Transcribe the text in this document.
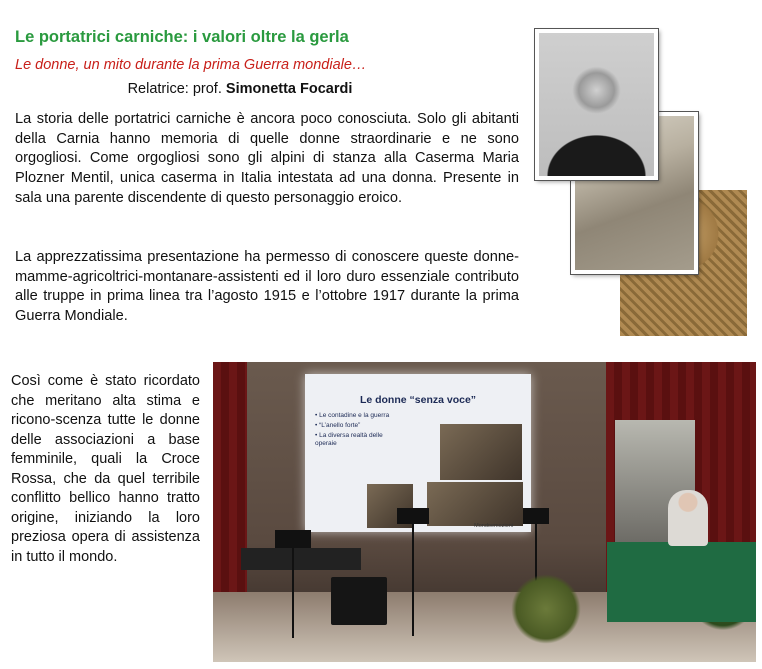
Le portatrici carniche: i valori oltre la gerla
Le donne, un mito durante la prima Guerra mondiale…
Relatrice: prof. Simonetta Focardi

La storia delle portatrici carniche è ancora poco conosciuta. Solo gli abitanti della Carnia hanno memoria di quelle donne straordinarie e ne sono orgogliosi. Come orgogliosi sono gli alpini di stanza alla Caserma Maria Plozner Mentil, unica caserma in Italia intestata ad una donna. Presente in sala una parente discendente di questo personaggio eroico.

La apprezzatissima presentazione ha permesso di conoscere queste donne-mamme-agricoltrici-montanare-assistenti ed il loro duro essenziale contributo alle truppe in prima linea tra l’agosto 1915 e l’ottobre 1917 durante la prima Guerra Mondiale.

Così come è stato ricordato che meritano alta stima e ricono-scenza tutte le donne delle associazioni a base femminile, quali la Croce Rossa, che da quel terribile conflitto bellico hanno tratto origine, iniziando la loro preziosa opera di assistenza in tutto il mondo.

Le donne “senza voce”
• Le contadine e la guerra
• “L’anello forte”
• La diversa realtà delle operaie
Mondoemozioni
